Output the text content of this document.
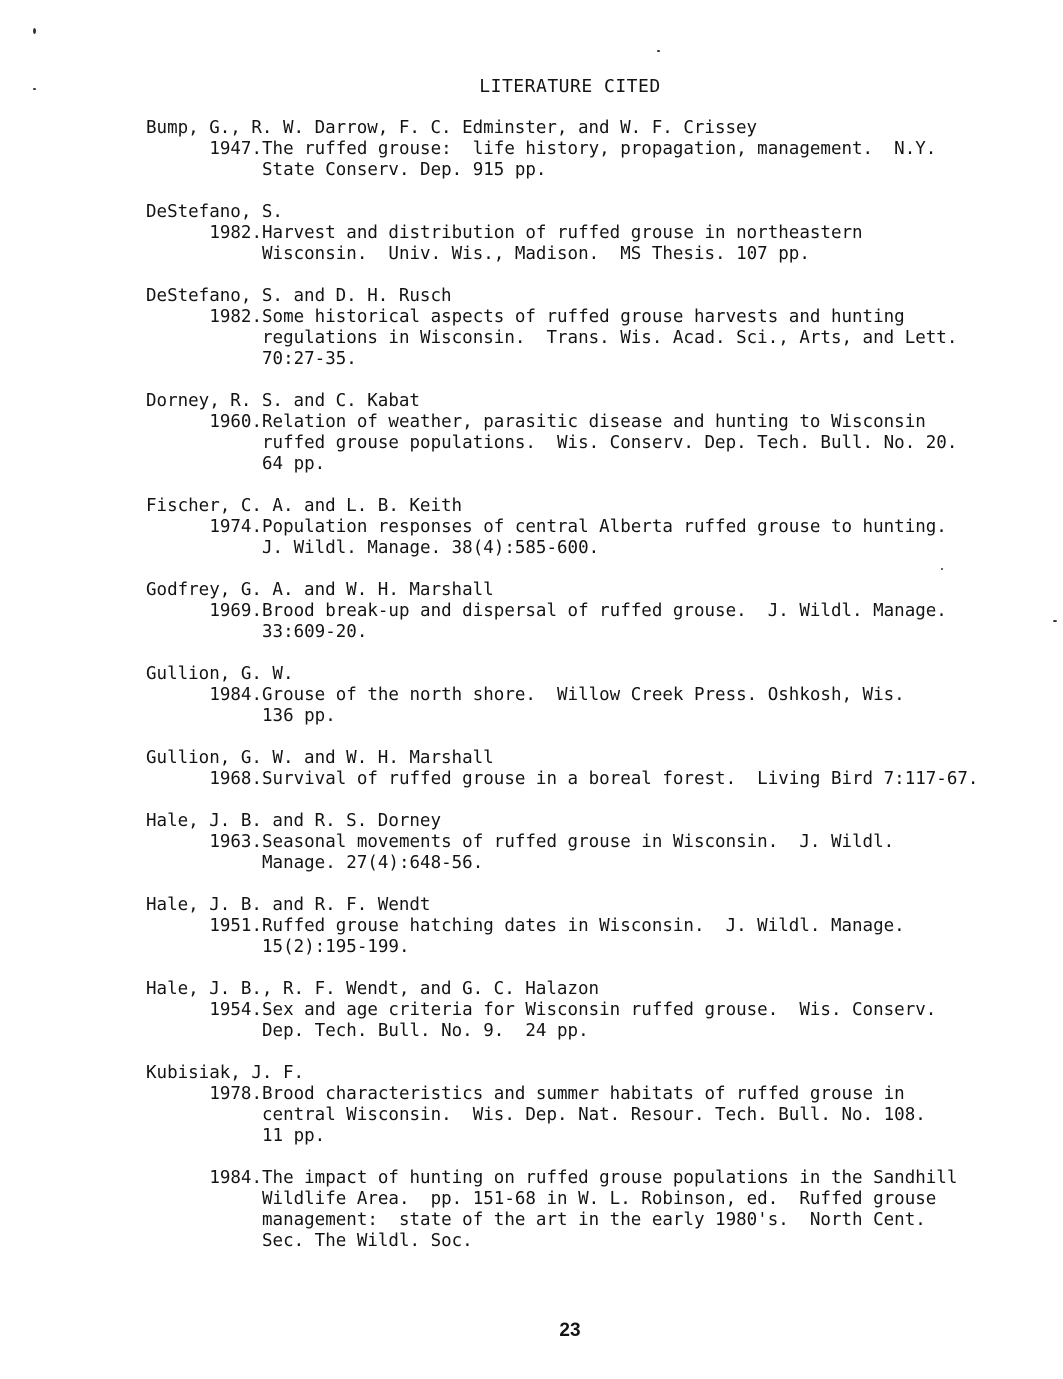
LITERATURE CITED
Bump, G., R. W. Darrow, F. C. Edminster, and W. F. Crissey
1947. The ruffed grouse:  life history, propagation, management.  N.Y.
State Conserv. Dep. 915 pp.
DeStefano, S.
1982. Harvest and distribution of ruffed grouse in northeastern
Wisconsin.  Univ. Wis., Madison.  MS Thesis. 107 pp.
DeStefano, S. and D. H. Rusch
1982. Some historical aspects of ruffed grouse harvests and hunting
regulations in Wisconsin.  Trans. Wis. Acad. Sci., Arts, and Lett.
70:27-35.
Dorney, R. S. and C. Kabat
1960. Relation of weather, parasitic disease and hunting to Wisconsin
ruffed grouse populations.  Wis. Conserv. Dep. Tech. Bull. No. 20.
64 pp.
Fischer, C. A. and L. B. Keith
1974. Population responses of central Alberta ruffed grouse to hunting.
J. Wildl. Manage. 38(4):585-600.
Godfrey, G. A. and W. H. Marshall
1969. Brood break-up and dispersal of ruffed grouse.  J. Wildl. Manage.
33:609-20.
Gullion, G. W.
1984. Grouse of the north shore.  Willow Creek Press. Oshkosh, Wis.
136 pp.
Gullion, G. W. and W. H. Marshall
1968. Survival of ruffed grouse in a boreal forest.  Living Bird 7:117-67.
Hale, J. B. and R. S. Dorney
1963. Seasonal movements of ruffed grouse in Wisconsin.  J. Wildl.
Manage. 27(4):648-56.
Hale, J. B. and R. F. Wendt
1951. Ruffed grouse hatching dates in Wisconsin.  J. Wildl. Manage.
15(2):195-199.
Hale, J. B., R. F. Wendt, and G. C. Halazon
1954. Sex and age criteria for Wisconsin ruffed grouse.  Wis. Conserv.
Dep. Tech. Bull. No. 9.  24 pp.
Kubisiak, J. F.
1978. Brood characteristics and summer habitats of ruffed grouse in
central Wisconsin.  Wis. Dep. Nat. Resour. Tech. Bull. No. 108.
11 pp.
1984. The impact of hunting on ruffed grouse populations in the Sandhill
Wildlife Area.  pp. 151-68 in W. L. Robinson, ed.  Ruffed grouse
management:  state of the art in the early 1980's.  North Cent.
Sec. The Wildl. Soc.
23
